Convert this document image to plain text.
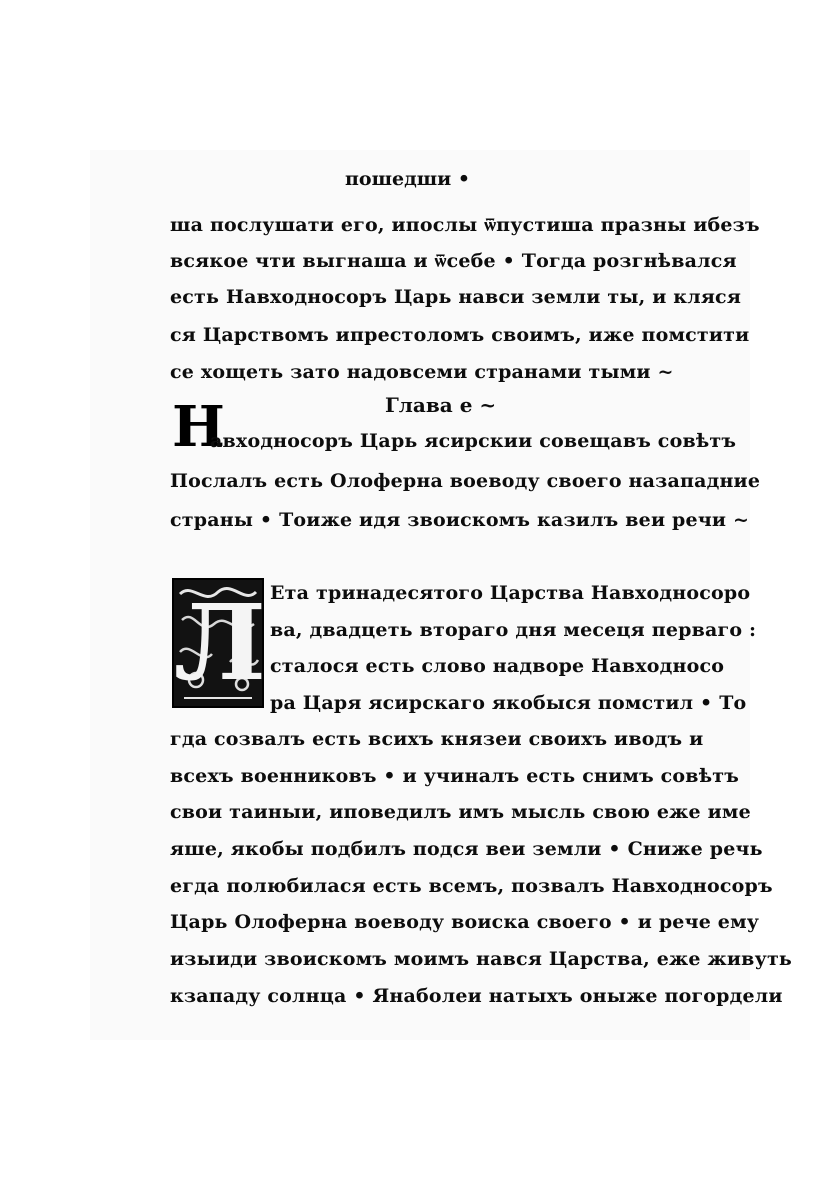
пошедши •
ша послушати его, ипослы ѿпустиша празны ибезъ
всякое чти выгнаша и ѿсебе • Тогда розгнѣвался
есть Навходносоръ Царь навси земли ты, и кляся
ся Царствомъ ипрестоломъ своимъ, иже помстити
се хощеть зато надовсеми странами тыми ~
Глава е ~
Н
авходносоръ Царь ясирскии совещавъ совѣтъ
Послалъ есть Олоферна воеводу своего назападние
страны • Тоиже идя звоискомъ казилъ веи речи ~
Л Ета тринадесятого Царства Навходносоро
ва, двадцеть втораго дня месеця перваго :
сталося есть слово надворе Навходносо
ра Царя ясирскаго якобыся помстил • То
гда созвалъ есть всихъ князеи своихъ иводъ и
всехъ военниковъ • и учиналъ есть снимъ совѣтъ
свои таиныи, иповедилъ имъ мысль свою еже име
яше, якобы подбилъ подся веи земли • Сниже речь
егда полюбилася есть всемъ, позвалъ Навходносоръ
Царь Олоферна воеводу воиска своего • и рече ему
изыиди звоискомъ моимъ нався Царства, еже живуть
кзападу солнца • Янаболеи натыхъ оныже погордели
